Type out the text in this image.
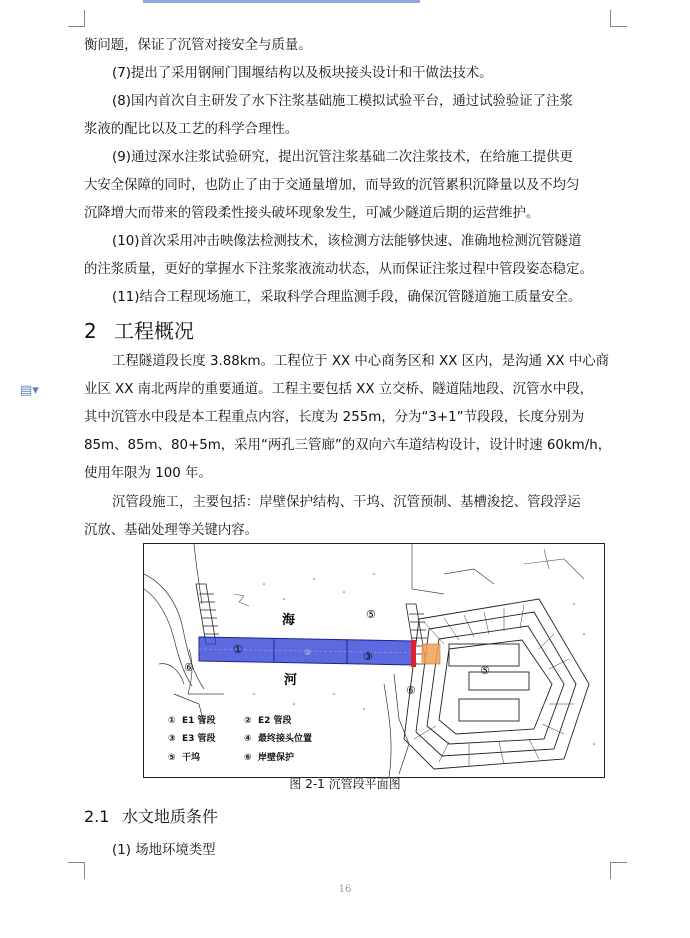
▤▾
衡问题，保证了沉管对接安全与质量。
(7)提出了采用钢闸门围堰结构以及板块接头设计和干做法技术。
(8)国内首次自主研发了水下注浆基础施工模拟试验平台，通过试验验证了注浆
浆液的配比以及工艺的科学合理性。
(9)通过深水注浆试验研究，提出沉管注浆基础二次注浆技术，在给施工提供更
大安全保障的同时，也防止了由于交通量增加，而导致的沉管累积沉降量以及不均匀
沉降增大而带来的管段柔性接头破坏现象发生，可减少隧道后期的运营维护。
(10)首次采用冲击映像法检测技术，该检测方法能够快速、准确地检测沉管隧道
的注浆质量，更好的掌握水下注浆浆液流动状态，从而保证注浆过程中管段姿态稳定。
(11)结合工程现场施工，采取科学合理监测手段，确保沉管隧道施工质量安全。
2 工程概况
工程隧道段长度 3.88km。工程位于 XX 中心商务区和 XX 区内，是沟通 XX 中心商
业区 XX 南北两岸的重要通道。工程主要包括 XX 立交桥、隧道陆地段、沉管水中段，
其中沉管水中段是本工程重点内容，长度为 255m，分为“3+1”节段段，长度分别为
85m、85m、80+5m，采用“两孔三管廊”的双向六车道结构设计，设计时速 60km/h，
使用年限为 100 年。
沉管段施工，主要包括：岸壁保护结构、干坞、沉管预制、基槽浚挖、管段浮运
沉放、基础处理等关键内容。
海
河
①	②	③
⑤
⑥
⑥
⑤
① E1 管段	② E2 管段
③ E3 管段	④ 最终接头位置
⑤ 干坞	⑥ 岸壁保护
图 2-1 沉管段平面图
2.1 水文地质条件
(1) 场地环境类型
16
